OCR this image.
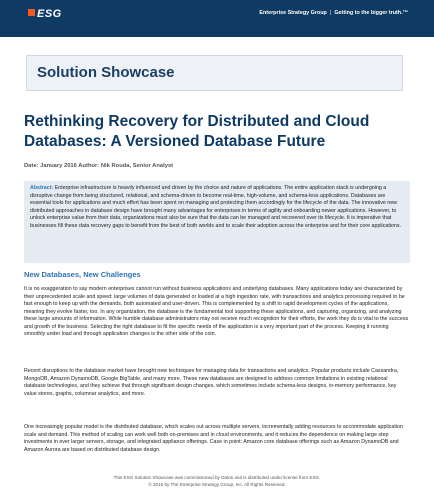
ESG	Enterprise Strategy Group | Getting to the bigger truth.™
Solution Showcase
Rethinking Recovery for Distributed and Cloud Databases: A Versioned Database Future
Date: January 2016 Author: Nik Rouda, Senior Analyst
Abstract: Enterprise infrastructure is heavily influenced and driven by the choice and nature of applications. The entire application stack is undergoing a disruptive change from being structured, relational, and schema-driven to become real-time, high-volume, and schema-less applications. Databases are essential tools for applications and much effort has been spent on managing and protecting them accordingly for the lifecycle of the data. The innovative new distributed approaches in database design have brought many advantages for enterprises in terms of agility and onboarding newer applications. However, to unlock enterprise value from their data, organizations must also be sure that the data can be managed and recovered over its lifecycle. It is imperative that businesses fill these data recovery gaps to benefit from the best of both worlds and to scale their adoption across the enterprise and for their core applications.
New Databases, New Challenges

It is no exaggeration to say modern enterprises cannot run without business applications and underlying databases. Many applications today are characterized by their unprecedented scale and speed: large volumes of data generated or loaded at a high ingestion rate, with transactions and analytics processing required to be fast enough to keep up with the demands, both automated and user-driven. This is complemented by a shift to rapid development cycles of the applications, meaning they evolve faster, too. In any organization, the database is the fundamental tool supporting these applications, and capturing, organizing, and analyzing these large amounts of information. While humble database administrators may not receive much recognition for their efforts, the work they do is vital to the success and growth of the business. Selecting the right database to fit the specific needs of the application is a very important part of the process. Keeping it running smoothly under load and through application changes is the other side of the coin.

Recent disruptions to the database market have brought new techniques for managing data for transactions and analytics. Popular products include Cassandra, MongoDB, Amazon DynamoDB, Google BigTable, and many more. These new databases are designed to address common limitations in existing relational database technologies, and they achieve that through significant design changes, which sometimes include schema-less designs, in-memory performance, key value stores, graphs, columnar analytics, and more.

One increasingly popular model is the distributed database, which scales out across multiple servers, incrementally adding resources to accommodate application scale and demand. This method of scaling can work well both on-premises and in cloud environments, and it reduces the dependence on making large step investments in ever larger servers, storage, and integrated appliance offerings. Case in point: Amazon core database offerings such as Amazon DynamoDB and Amazon Aurora are based on distributed database design.

This ESG Solution Showcase was commissioned by Datos and is distributed under license from ESG.
© 2016 by The Enterprise Strategy Group, Inc. All Rights Reserved.
